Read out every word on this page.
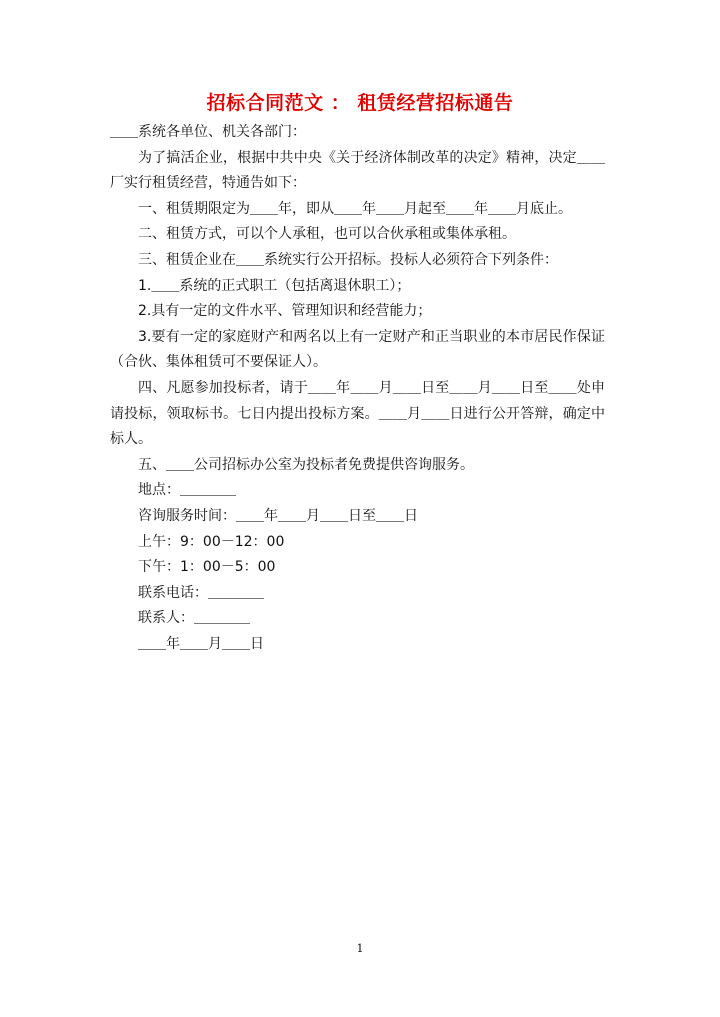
招标合同范文 ： 租赁经营招标通告

＿＿系统各单位、机关各部门：

为了搞活企业，根据中共中央《关于经济体制改革的决定》精神，决定＿＿厂实行租赁经营，特通告如下：

一、租赁期限定为＿＿年，即从＿＿年＿＿月起至＿＿年＿＿月底止。

二、租赁方式，可以个人承租，也可以合伙承租或集体承租。

三、租赁企业在＿＿系统实行公开招标。投标人必须符合下列条件：

1.＿＿系统的正式职工（包括离退休职工）；

2.具有一定的文件水平、管理知识和经营能力；

3.要有一定的家庭财产和两名以上有一定财产和正当职业的本市居民作保证（合伙、集体租赁可不要保证人）。

四、凡愿参加投标者，请于＿＿年＿＿月＿＿日至＿＿月＿＿日至＿＿处申请投标，领取标书。七日内提出投标方案。＿＿月＿＿日进行公开答辩，确定中标人。

五、＿＿公司招标办公室为投标者免费提供咨询服务。

地点：＿＿＿＿

咨询服务时间：＿＿年＿＿月＿＿日至＿＿日

上午：9：00－12：00

下午：1：00－5：00

联系电话：＿＿＿＿

联系人：＿＿＿＿

＿＿年＿＿月＿＿日

1
